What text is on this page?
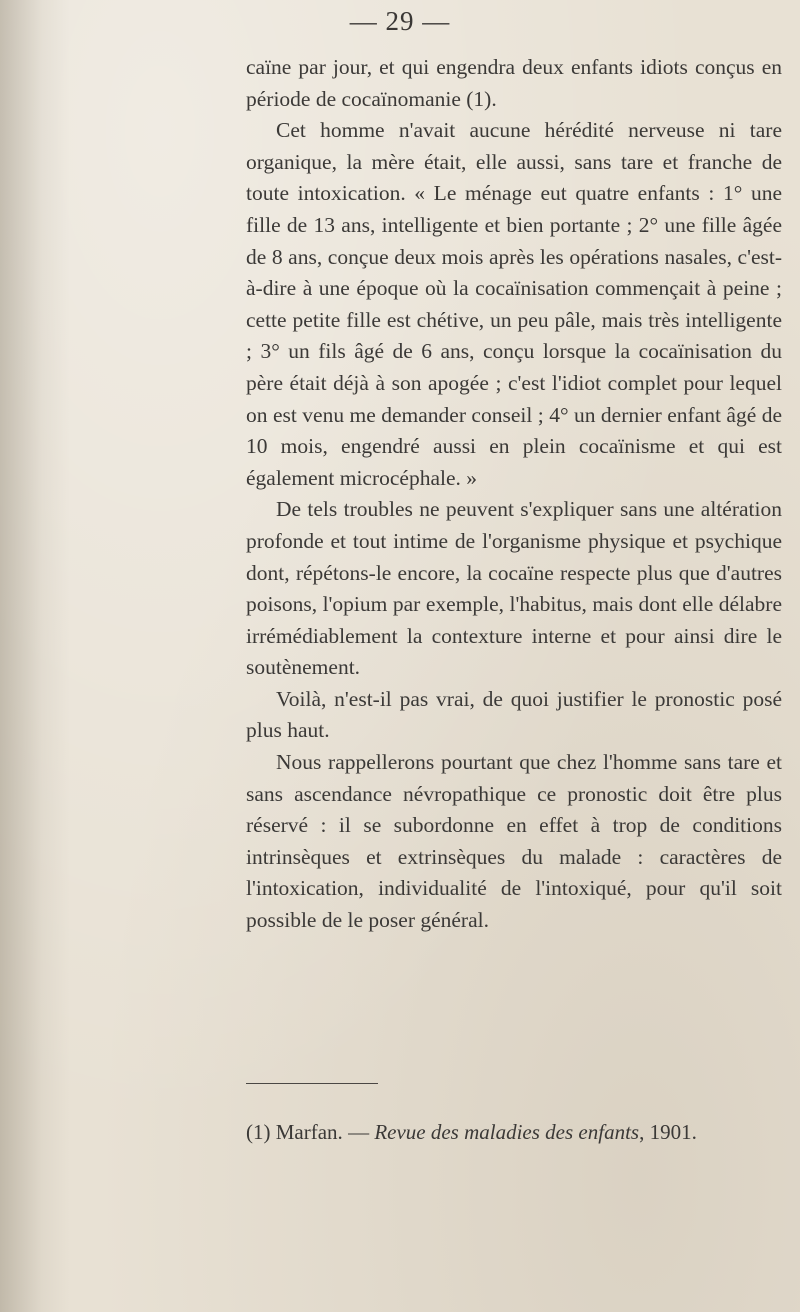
— 29 —

caïne par jour, et qui engendra deux enfants idiots conçus en période de cocaïnomanie (1).

Cet homme n'avait aucune hérédité nerveuse ni tare organique, la mère était, elle aussi, sans tare et franche de toute intoxication. « Le ménage eut quatre enfants : 1° une fille de 13 ans, intelligente et bien portante ; 2° une fille âgée de 8 ans, conçue deux mois après les opérations nasales, c'est-à-dire à une époque où la cocaïnisation commençait à peine ; cette petite fille est chétive, un peu pâle, mais très intelligente ; 3° un fils âgé de 6 ans, conçu lorsque la cocaïnisation du père était déjà à son apogée ; c'est l'idiot complet pour lequel on est venu me demander conseil ; 4° un dernier enfant âgé de 10 mois, engendré aussi en plein cocaïnisme et qui est également microcéphale. »

De tels troubles ne peuvent s'expliquer sans une altération profonde et tout intime de l'organisme physique et psychique dont, répétons-le encore, la cocaïne respecte plus que d'autres poisons, l'opium par exemple, l'habitus, mais dont elle délabre irrémédiablement la contexture interne et pour ainsi dire le soutènement.

Voilà, n'est-il pas vrai, de quoi justifier le pronostic posé plus haut.

Nous rappellerons pourtant que chez l'homme sans tare et sans ascendance névropathique ce pronostic doit être plus réservé : il se subordonne en effet à trop de conditions intrinsèques et extrinsèques du malade : caractères de l'intoxication, individualité de l'intoxiqué, pour qu'il soit possible de le poser général.

(1) Marfan. — Revue des maladies des enfants, 1901.
